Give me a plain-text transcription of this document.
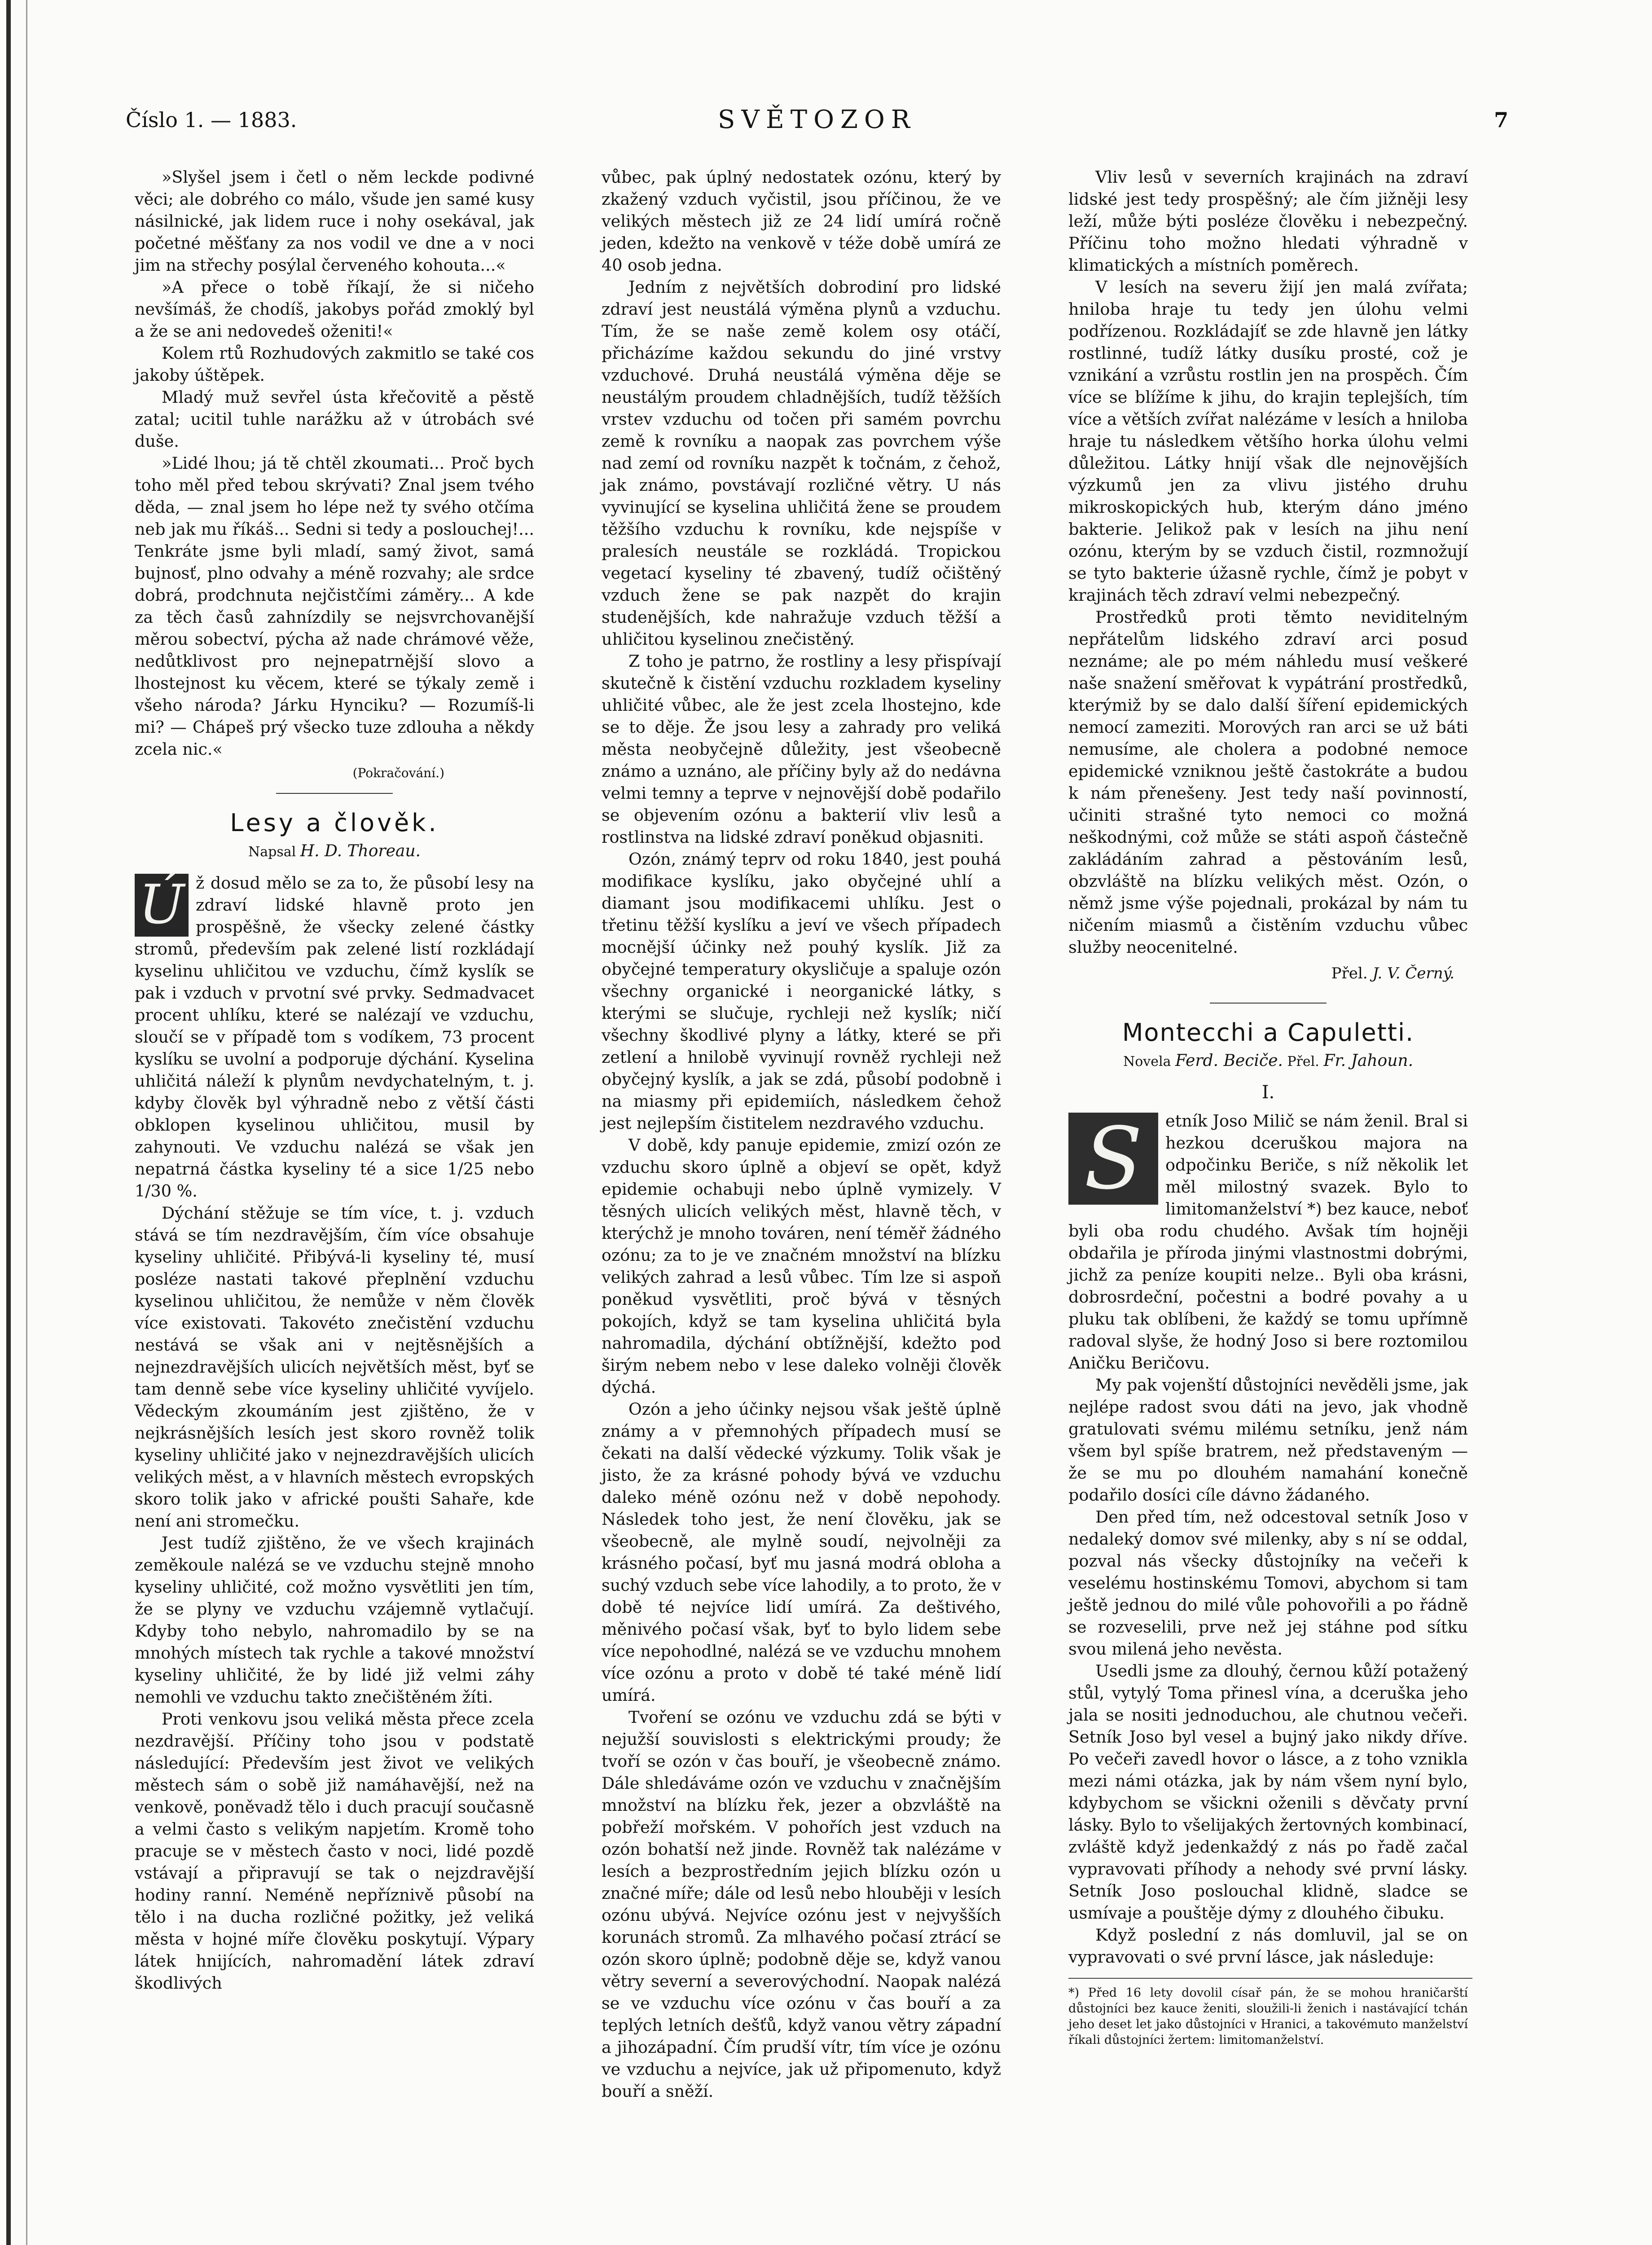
Číslo 1. — 1883.	SVĚTOZOR	7

»Slyšel jsem i četl o něm leckde podivné věci; ale dobrého co málo, všude jen samé kusy násilnické, jak lidem ruce i nohy osekával, jak početné měšťany za nos vodil ve dne a v noci jim na střechy posýlal červeného kohouta...«

»A přece o tobě říkají, že si ničeho nevšímáš, že chodíš, jakobys pořád zmoklý byl a že se ani nedovedeš oženiti!«

Kolem rtů Rozhudových zakmitlo se také cos jakoby úštěpek.

Mladý muž sevřel ústa křečovitě a pěstě zatal; ucitil tuhle narážku až v útrobách své duše.

»Lidé lhou; já tě chtěl zkoumati... Proč bych toho měl před tebou skrývati? Znal jsem tvého děda, — znal jsem ho lépe než ty svého otčíma neb jak mu říkáš... Sedni si tedy a poslouchej!... Tenkráte jsme byli mladí, samý život, samá bujnosť, plno odvahy a méně rozvahy; ale srdce dobrá, prodchnuta nejčistčími záměry... A kde za těch časů zahnízdily se nejsvrchovanější měrou sobectví, pýcha až nade chrámové věže, nedůtklivost pro nejnepatrnější slovo a lhostejnost ku věcem, které se týkaly země i všeho národa? Járku Hynciku? — Rozumíš-li mi? — Chápeš prý všecko tuze zdlouha a někdy zcela nic.«

(Pokračování.)
Lesy a člověk.
Napsal H. D. Thoreau.
Ú ž dosud mělo se za to, že působí lesy na zdraví lidské hlavně proto jen prospěšně, že všecky zelené částky stromů, především pak zelené listí rozkládají kyselinu uhličitou ve vzduchu, čímž kyslík se pak i vzduch v prvotní své prvky. Sedmadvacet procent uhlíku, které se nalézají ve vzduchu, sloučí se v případě tom s vodíkem, 73 procent kyslíku se uvolní a podporuje dýchání. Kyselina uhličitá náleží k plynům nevdychatelným, t. j. kdyby člověk byl výhradně nebo z větší části obklopen kyselinou uhličitou, musil by zahynouti. Ve vzduchu nalézá se však jen nepatrná částka kyseliny té a sice 1/25 nebo 1/30 %.

Dýchání stěžuje se tím více, t. j. vzduch stává se tím nezdravějším, čím více obsahuje kyseliny uhličité. Přibývá-li kyseliny té, musí posléze nastati takové přeplnění vzduchu kyselinou uhličitou, že nemůže v něm člověk více existovati. Takovéto znečistění vzduchu nestává se však ani v nejtěsnějších a nejnezdravějších ulicích největších měst, byť se tam denně sebe více kyseliny uhličité vyvíjelo. Vědeckým zkoumáním jest zjištěno, že v nejkrásnějších lesích jest skoro rovněž tolik kyseliny uhličité jako v nejnezdravějších ulicích velikých měst, a v hlavních městech evropských skoro tolik jako v africké poušti Sahaře, kde není ani stromečku.

Jest tudíž zjištěno, že ve všech krajinách zeměkoule nalézá se ve vzduchu stejně mnoho kyseliny uhličité, což možno vysvětliti jen tím, že se plyny ve vzduchu vzájemně vytlačují. Kdyby toho nebylo, nahromadilo by se na mnohých místech tak rychle a takové množství kyseliny uhličité, že by lidé již velmi záhy nemohli ve vzduchu takto znečištěném žíti.

Proti venkovu jsou veliká města přece zcela nezdravější. Příčiny toho jsou v podstatě následující: Především jest život ve velikých městech sám o sobě již namáhavější, než na venkově, poněvadž tělo i duch pracují současně a velmi často s velikým napjetím. Kromě toho pracuje se v městech často v noci, lidé pozdě vstávají a připravují se tak o nejzdravější hodiny ranní. Neméně nepříznivě působí na tělo i na ducha rozličné požitky, jež veliká města v hojné míře člověku poskytují. Výpary látek hnijících, nahromadění látek zdraví škodlivých

vůbec, pak úplný nedostatek ozónu, který by zkažený vzduch vyčistil, jsou příčinou, že ve velikých městech již ze 24 lidí umírá ročně jeden, kdežto na venkově v téže době umírá ze 40 osob jedna.

Jedním z největších dobrodiní pro lidské zdraví jest neustálá výměna plynů a vzduchu. Tím, že se naše země kolem osy otáčí, přicházíme každou sekundu do jiné vrstvy vzduchové. Druhá neustálá výměna děje se neustálým proudem chladnějších, tudíž těžších vrstev vzduchu od točen při samém povrchu země k rovníku a naopak zas povrchem výše nad zemí od rovníku nazpět k točnám, z čehož, jak známo, povstávají rozličné větry. U nás vyvinující se kyselina uhličitá žene se proudem těžšího vzduchu k rovníku, kde nejspíše v pralesích neustále se rozkládá. Tropickou vegetací kyseliny té zbavený, tudíž očištěný vzduch žene se pak nazpět do krajin studenějších, kde nahražuje vzduch těžší a uhličitou kyselinou znečistěný.

Z toho je patrno, že rostliny a lesy přispívají skutečně k čistění vzduchu rozkladem kyseliny uhličité vůbec, ale že jest zcela lhostejno, kde se to děje. Že jsou lesy a zahrady pro veliká města neobyčejně důležity, jest všeobecně známo a uznáno, ale příčiny byly až do nedávna velmi temny a teprve v nejnovější době podařilo se objevením ozónu a bakterií vliv lesů a rostlinstva na lidské zdraví poněkud objasniti.

Ozón, známý teprv od roku 1840, jest pouhá modifikace kyslíku, jako obyčejné uhlí a diamant jsou modifikacemi uhlíku. Jest o třetinu těžší kyslíku a jeví ve všech případech mocnější účinky než pouhý kyslík. Již za obyčejné temperatury okysličuje a spaluje ozón všechny organické i neorganické látky, s kterými se slučuje, rychleji než kyslík; ničí všechny škodlivé plyny a látky, které se při zetlení a hnilobě vyvinují rovněž rychleji než obyčejný kyslík, a jak se zdá, působí podobně i na miasmy při epidemiích, následkem čehož jest nejlepším čistitelem nezdravého vzduchu.

V době, kdy panuje epidemie, zmizí ozón ze vzduchu skoro úplně a objeví se opět, když epidemie ochabuji nebo úplně vymizely. V těsných ulicích velikých měst, hlavně těch, v kterýchž je mnoho továren, není téměř žádného ozónu; za to je ve značném množství na blízku velikých zahrad a lesů vůbec. Tím lze si aspoň poněkud vysvětliti, proč bývá v těsných pokojích, když se tam kyselina uhličitá byla nahromadila, dýchání obtížnější, kdežto pod širým nebem nebo v lese daleko volněji člověk dýchá.

Ozón a jeho účinky nejsou však ještě úplně známy a v přemnohých případech musí se čekati na další vědecké výzkumy. Tolik však je jisto, že za krásné pohody bývá ve vzduchu daleko méně ozónu než v době nepohody. Následek toho jest, že není člověku, jak se všeobecně, ale mylně soudí, nejvolněji za krásného počasí, byť mu jasná modrá obloha a suchý vzduch sebe více lahodily, a to proto, že v době té nejvíce lidí umírá. Za deštivého, měnivého počasí však, byť to bylo lidem sebe více nepohodlné, nalézá se ve vzduchu mnohem více ozónu a proto v době té také méně lidí umírá.

Tvoření se ozónu ve vzduchu zdá se býti v nejužší souvislosti s elektrickými proudy; že tvoří se ozón v čas bouří, je všeobecně známo. Dále shledáváme ozón ve vzduchu v značnějším množství na blízku řek, jezer a obzvláště na pobřeží mořském. V pohořích jest vzduch na ozón bohatší než jinde. Rovněž tak nalézáme v lesích a bezprostředním jejich blízku ozón u značné míře; dále od lesů nebo hlouběji v lesích ozónu ubývá. Nejvíce ozónu jest v nejvyšších korunách stromů. Za mlhavého počasí ztrácí se ozón skoro úplně; podobně děje se, když vanou větry severní a severovýchodní. Naopak nalézá se ve vzduchu více ozónu v čas bouří a za teplých letních dešťů, když vanou větry západní a jihozápadní. Čím prudší vítr, tím více je ozónu ve vzduchu a nejvíce, jak už připomenuto, když bouří a sněží.

Vliv lesů v severních krajinách na zdraví lidské jest tedy prospěšný; ale čím jižněji lesy leží, může býti posléze člověku i nebezpečný. Příčinu toho možno hledati výhradně v klimatických a místních poměrech.

V lesích na severu žijí jen malá zvířata; hniloba hraje tu tedy jen úlohu velmi podřízenou. Rozkládajíť se zde hlavně jen látky rostlinné, tudíž látky dusíku prosté, což je vznikání a vzrůstu rostlin jen na prospěch. Čím více se blížíme k jihu, do krajin teplejších, tím více a větších zvířat nalézáme v lesích a hniloba hraje tu následkem většího horka úlohu velmi důležitou. Látky hnijí však dle nejnovějších výzkumů jen za vlivu jistého druhu mikroskopických hub, kterým dáno jméno bakterie. Jelikož pak v lesích na jihu není ozónu, kterým by se vzduch čistil, rozmnožují se tyto bakterie úžasně rychle, čímž je pobyt v krajinách těch zdraví velmi nebezpečný.

Prostředků proti těmto neviditelným nepřátelům lidského zdraví arci posud neznáme; ale po mém náhledu musí veškeré naše snažení směřovat k vypátrání prostředků, kterýmiž by se dalo další šíření epidemických nemocí zameziti. Morových ran arci se už báti nemusíme, ale cholera a podobné nemoce epidemické vzniknou ještě častokráte a budou k nám přenešeny. Jest tedy naší povinností, učiniti strašné tyto nemoci co možná neškodnými, což může se státi aspoň částečně zakládáním zahrad a pěstováním lesů, obzvláště na blízku velikých měst. Ozón, o němž jsme výše pojednali, prokázal by nám tu ničením miasmů a čistěním vzduchu vůbec služby neocenitelné.

Přel. J. V. Černý.
Montecchi a Capuletti.
Novela Ferd. Beciče. Přel. Fr. Jahoun.
I.
S	etník Joso Milič se nám ženil. Bral si hezkou dceruškou majora na odpočinku Beriče, s níž několik let měl milostný svazek. Bylo to limitomanželství *) bez kauce, neboť byli oba rodu chudého. Avšak tím hojněji obdařila je příroda jinými vlastnostmi dobrými, jichž za peníze koupiti nelze.. Byli oba krásni, dobrosrdeční, počestni a bodré povahy a u pluku tak oblíbeni, že každý se tomu upřímně radoval slyše, že hodný Joso si bere roztomilou Aničku Beričovu.

My pak vojenští důstojníci nevěděli jsme, jak nejlépe radost svou dáti na jevo, jak vhodně gratulovati svému milému setníku, jenž nám všem byl spíše bratrem, než představeným — že se mu po dlouhém namahání konečně podařilo dosíci cíle dávno žádaného.

Den před tím, než odcestoval setník Joso v nedaleký domov své milenky, aby s ní se oddal, pozval nás všecky důstojníky na večeři k veselému hostinskému Tomovi, abychom si tam ještě jednou do milé vůle pohovořili a po řádně se rozveselili, prve než jej stáhne pod sítku svou milená jeho nevěsta.

Usedli jsme za dlouhý, černou kůží potažený stůl, vytylý Toma přinesl vína, a dceruška jeho jala se nositi jednoduchou, ale chutnou večeři. Setník Joso byl vesel a bujný jako nikdy dříve. Po večeři zavedl hovor o lásce, a z toho vznikla mezi námi otázka, jak by nám všem nyní bylo, kdybychom se všickni oženili s děvčaty první lásky. Bylo to všelijakých žertovných kombinací, zvláště když jedenkaždý z nás po řadě začal vypravovati příhody a nehody své první lásky. Setník Joso poslouchal klidně, sladce se usmívaje a pouštěje dýmy z dlouhého čibuku.

Když poslední z nás domluvil, jal se on vypravovati o své první lásce, jak následuje:

*) Před 16 lety dovolil císař pán, že se mohou hraničarští důstojníci bez kauce ženiti, sloužili-li ženich i nastávající tchán jeho deset let jako důstojníci v Hranici, a takovémuto manželství říkali důstojníci žertem: limitomanželství.
